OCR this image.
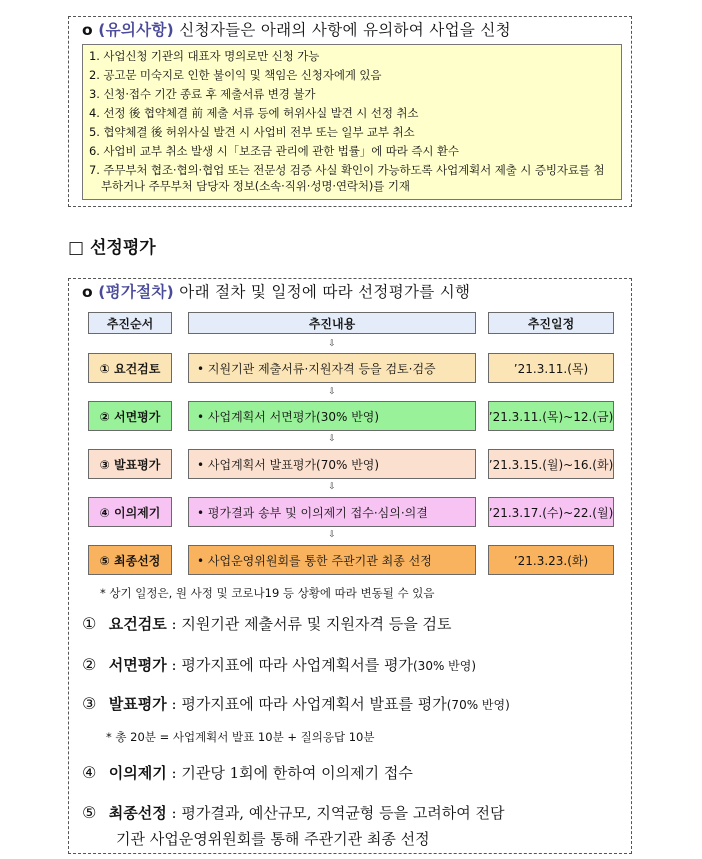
o (유의사항) 신청자들은 아래의 사항에 유의하여 사업을 신청
1. 사업신청 기관의 대표자 명의로만 신청 가능
2. 공고문 미숙지로 인한 불이익 및 책임은 신청자에게 있음
3. 신청·접수 기간 종료 후 제출서류 변경 불가
4. 선정 後 협약체결 前 제출 서류 등에 허위사실 발견 시 선정 취소
5. 협약체결 後 허위사실 발견 시 사업비 전부 또는 일부 교부 취소
6. 사업비 교부 취소 발생 시「보조금 관리에 관한 법률」에 따라 즉시 환수
7. 주무부처 협조·협의·협업 또는 전문성 검증 사실 확인이 가능하도록 사업계획서 제출 시 증빙자료를 첨부하거나 주무부처 담당자 정보(소속·직위·성명·연락처)를 기재
□ 선정평가
o (평가절차) 아래 절차 및 일정에 따라 선정평가를 시행
추진순서	추진내용	추진일정
⇩
① 요건검토	• 지원기관 제출서류·지원자격 등을 검토·검증	’21.3.11.(목)
⇩
② 서면평가	• 사업계획서 서면평가(30% 반영)	’21.3.11.(목)~12.(금)
⇩
③ 발표평가	• 사업계획서 발표평가(70% 반영)	’21.3.15.(월)~16.(화)
⇩
④ 이의제기	• 평가결과 송부 및 이의제기 접수·심의·의결	’21.3.17.(수)~22.(월)
⇩
⑤ 최종선정	• 사업운영위원회를 통한 주관기관 최종 선정	’21.3.23.(화)
* 상기 일정은, 원 사정 및 코로나19 등 상황에 따라 변동될 수 있음
① 요건검토 : 지원기관 제출서류 및 지원자격 등을 검토
② 서면평가 : 평가지표에 따라 사업계획서를 평가(30% 반영)
③ 발표평가 : 평가지표에 따라 사업계획서 발표를 평가(70% 반영)
* 총 20분 = 사업계획서 발표 10분 + 질의응답 10분
④ 이의제기 : 기관당 1회에 한하여 이의제기 접수
⑤ 최종선정 : 평가결과, 예산규모, 지역균형 등을 고려하여 전담
기관 사업운영위원회를 통해 주관기관 최종 선정
